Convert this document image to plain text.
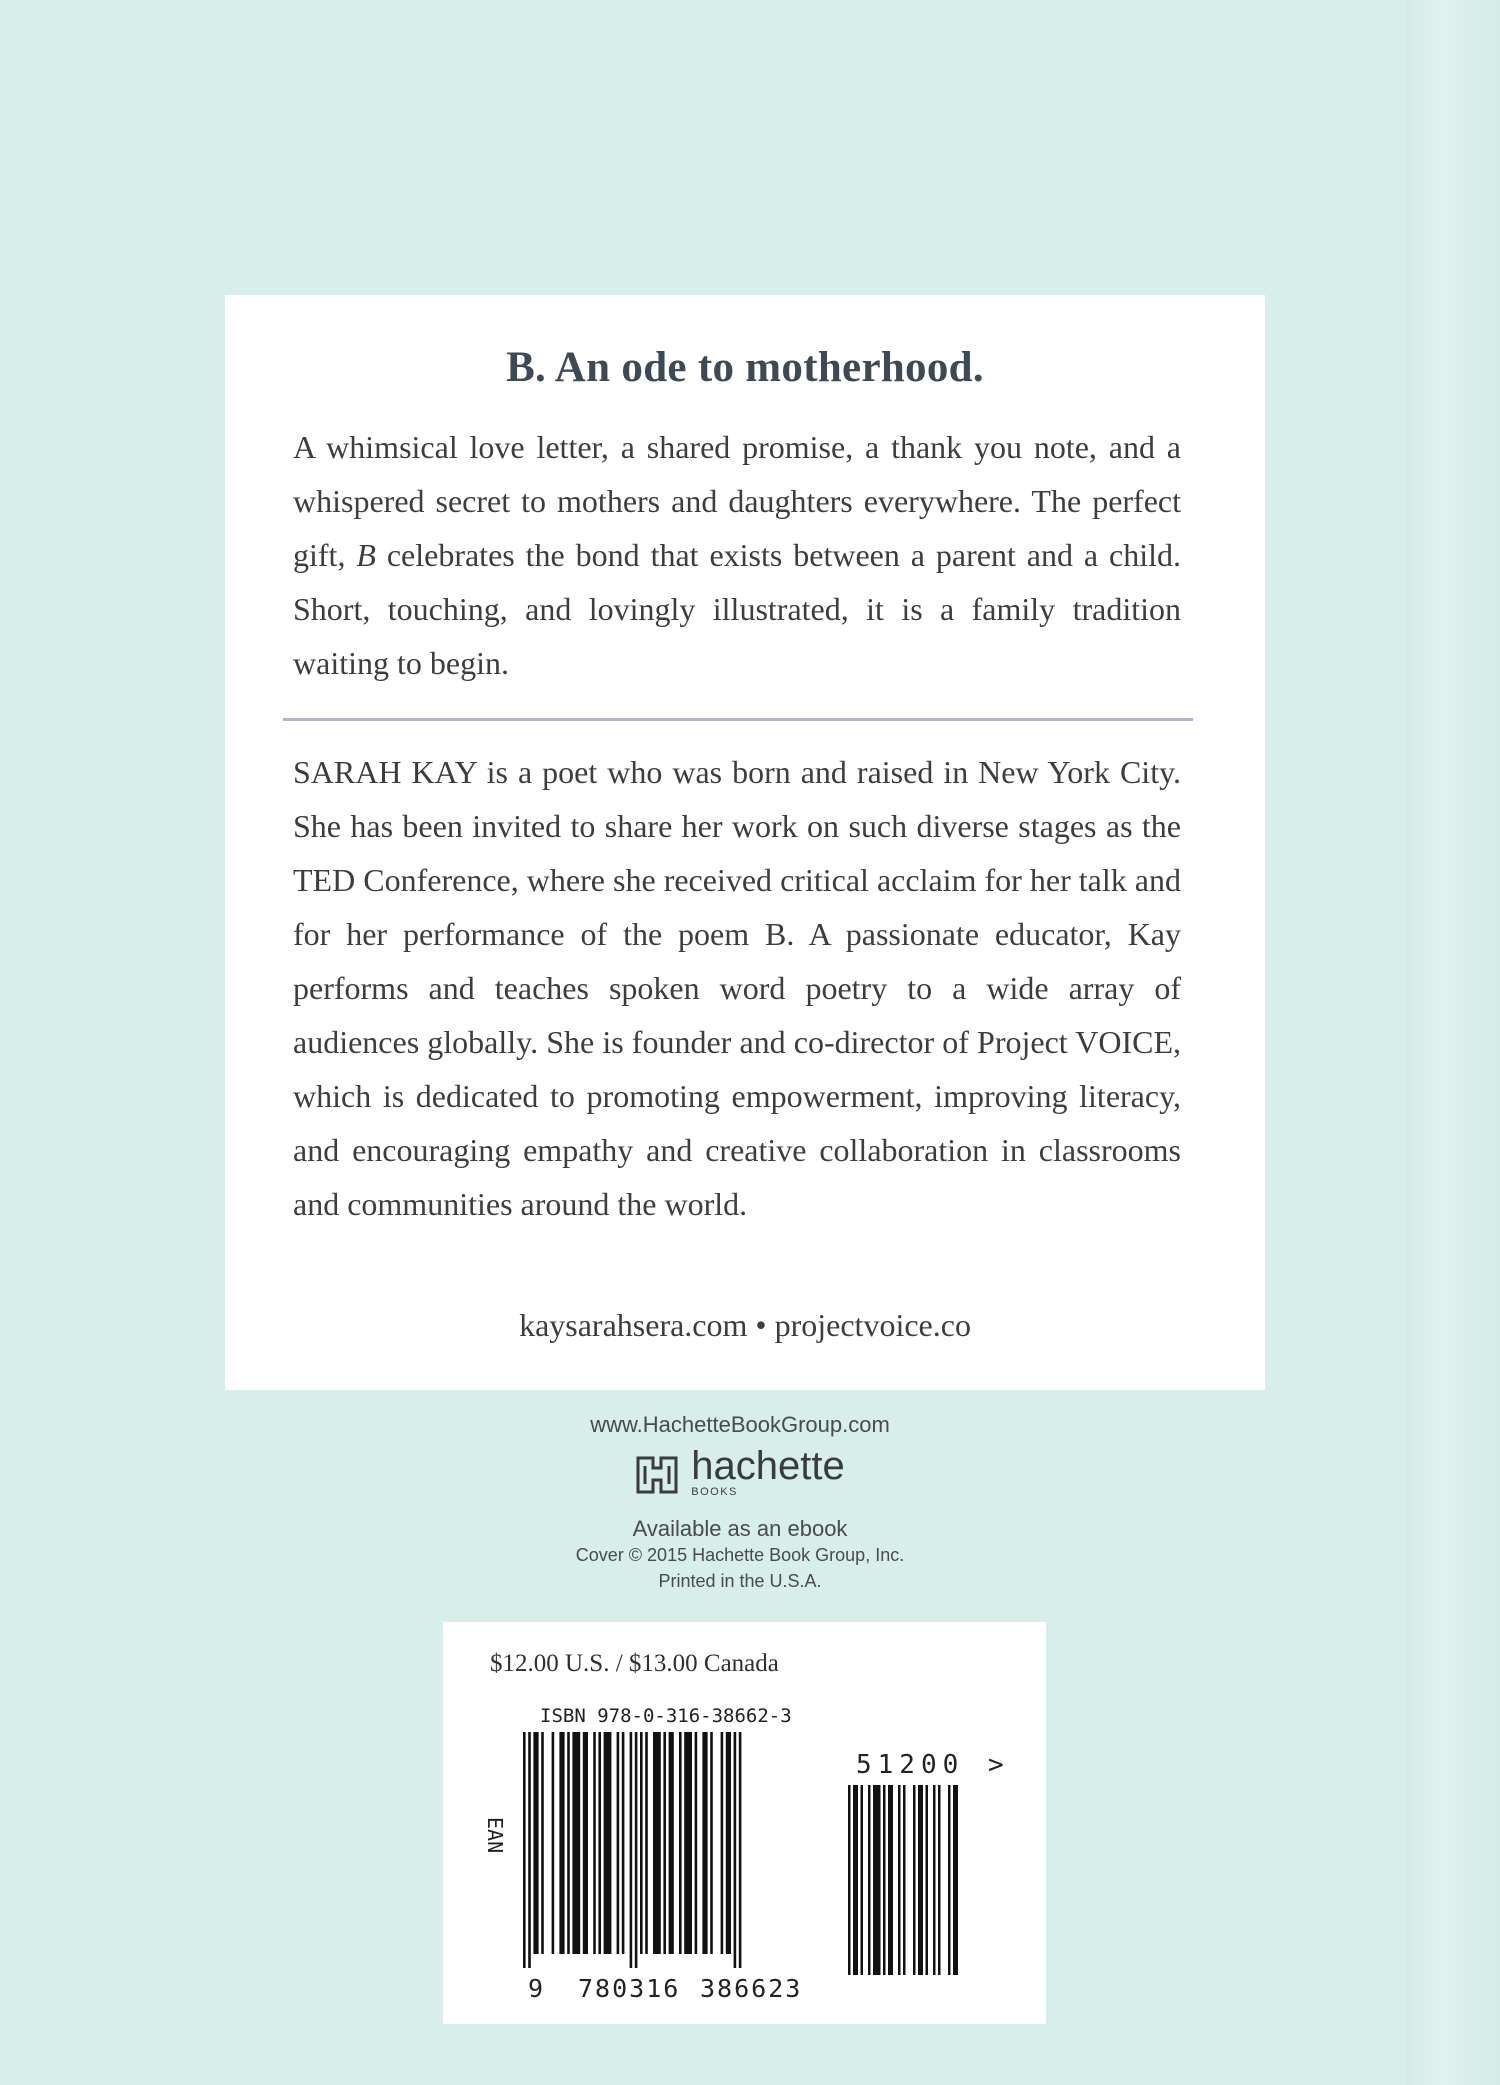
B. An ode to motherhood.
A whimsical love letter, a shared promise, a thank you note, and a whispered secret to mothers and daughters everywhere. The perfect gift, B celebrates the bond that exists between a parent and a child. Short, touching, and lovingly illustrated, it is a family tradition waiting to begin.
SARAH KAY is a poet who was born and raised in New York City. She has been invited to share her work on such diverse stages as the TED Conference, where she received critical acclaim for her talk and for her performance of the poem B. A passionate educator, Kay performs and teaches spoken word poetry to a wide array of audiences globally. She is founder and co-director of Project VOICE, which is dedicated to promoting empowerment, improving literacy, and encouraging empathy and creative collaboration in classrooms and communities around the world.
kaysarahsera.com • projectvoice.co
www.HachetteBookGroup.com
hachette
BOOKS
Available as an ebook
Cover © 2015 Hachette Book Group, Inc.
Printed in the U.S.A.
$12.00 U.S. / $13.00 Canada
ISBN 978-0-316-38662-3
EAN
51200 >
9 780316 386623
